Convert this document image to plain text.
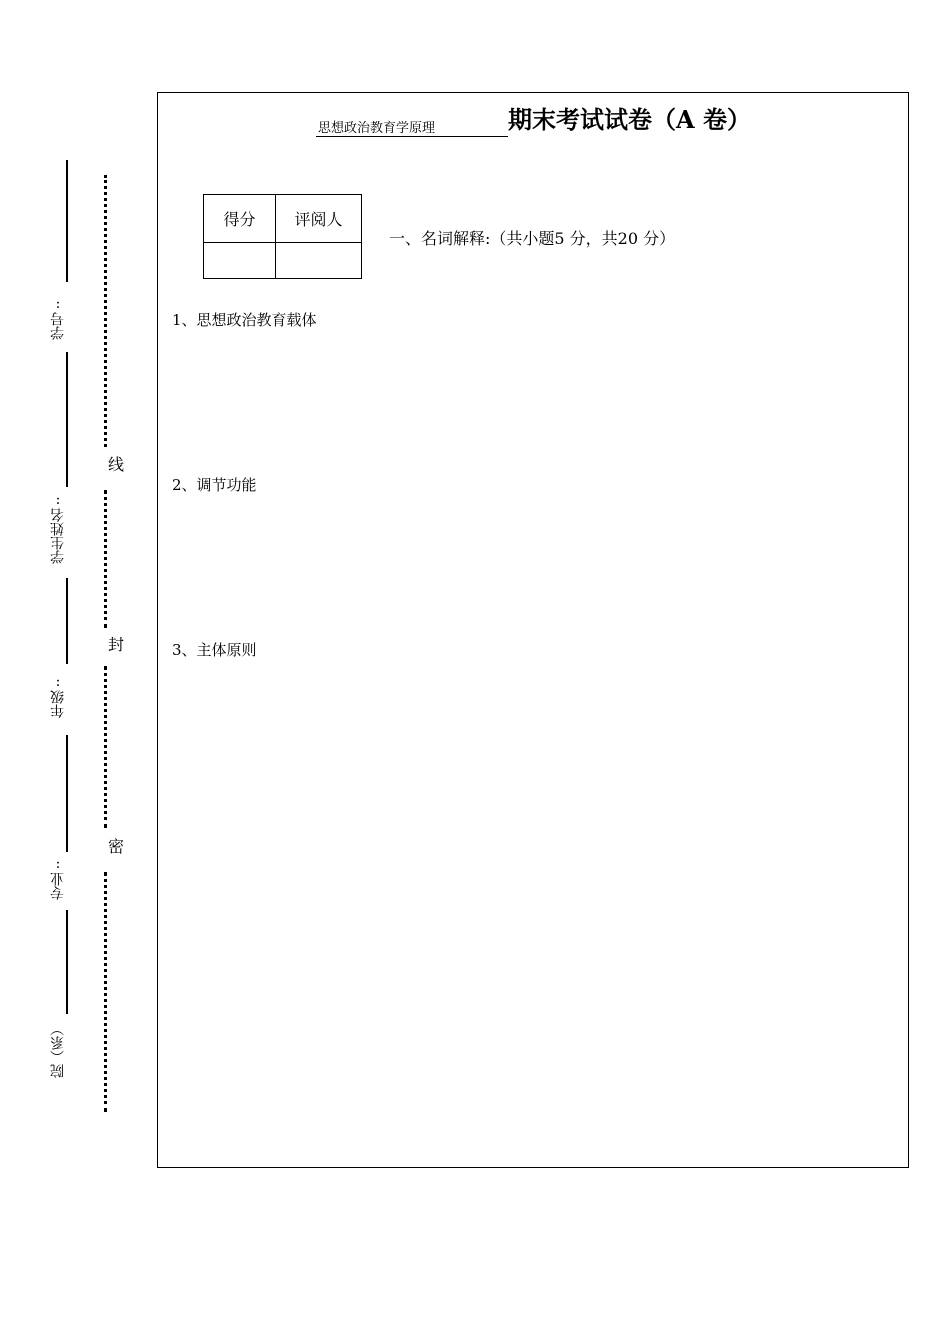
:
学号
:
学生姓名
:
年级
:
专业
院（系）
线
封
密
思想政治教育学原理	期末考试试卷（A 卷）
得分	评阅人

一、名词解释:（共小题5 分，共20 分）
1、思想政治教育载体
2、调节功能
3、主体原则
